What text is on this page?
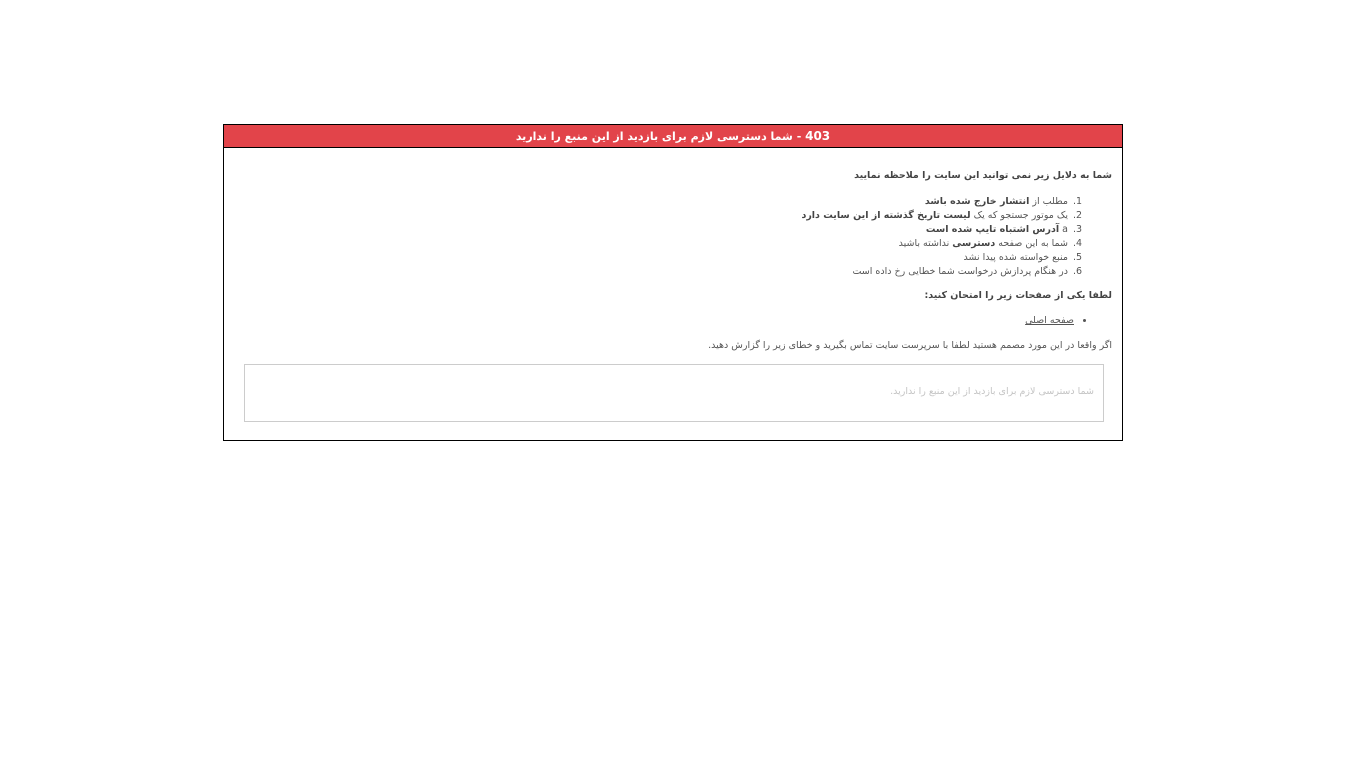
403 - شما دسترسی لازم برای بازدید از این منبع را ندارید
شما به دلایل زیر نمی توانید این سایت را ملاحظه نمایید
1. مطلب از انتشار خارج شده باشد
2. یک موتور جستجو که یک لیست تاریخ گذشته از این سایت دارد
3. a آدرس اشتباه تایپ شده است
4. شما به این صفحه دسترسی نداشته باشید
5. منبع خواسته شده پیدا نشد
6. در هنگام پردازش درخواست شما خطایی رخ داده است
لطفا یکی از صفحات زیر را امتحان کنید:
• صفحه اصلی
اگر واقعا در این مورد مصمم هستید لطفا با سرپرست سایت تماس بگیرید و خطای زیر را گزارش دهید.
شما دسترسی لازم برای بازدید از این منبع را ندارید.
